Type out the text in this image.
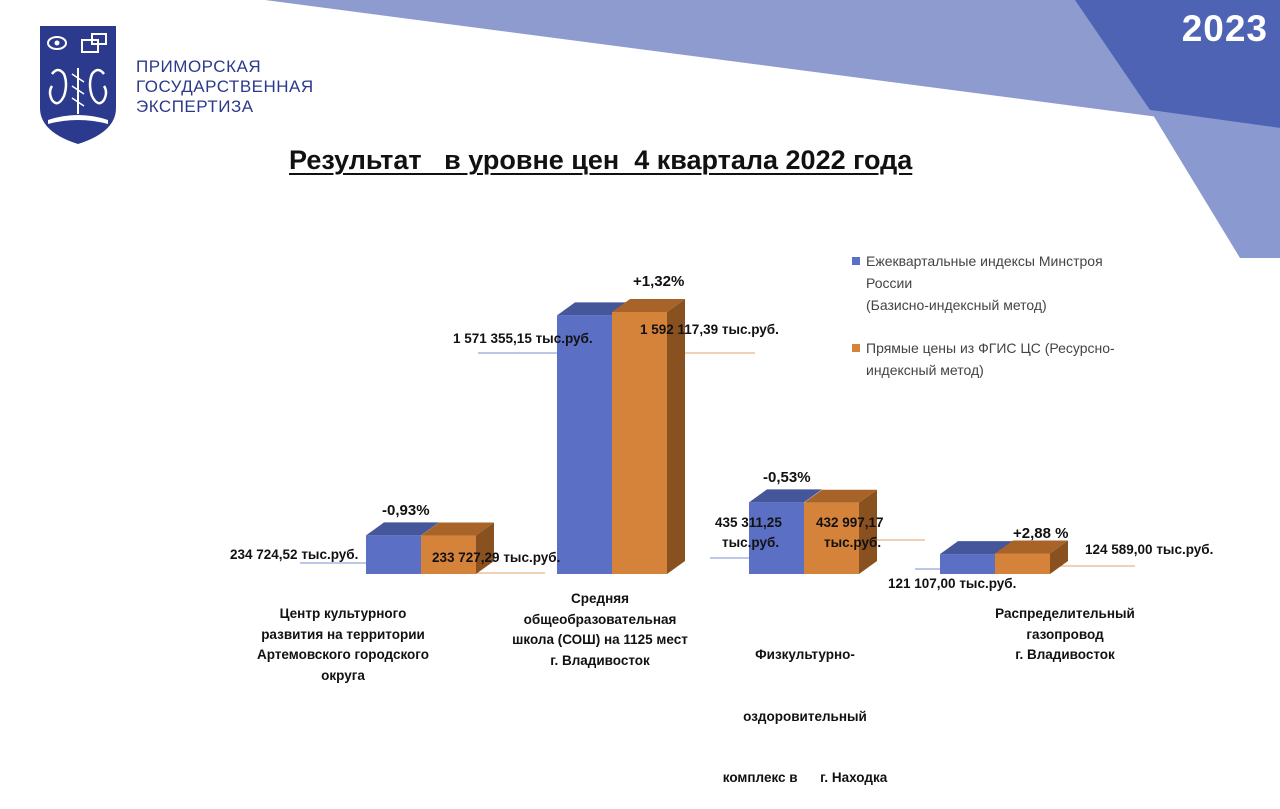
2023
ПРИМОРСКАЯ
ГОСУДАРСТВЕННАЯ
ЭКСПЕРТИЗА
Результат   в уровне цен  4 квартала 2022 года
Ежеквартальные индексы Минстроя России
(Базисно-индексный метод)
Прямые цены из ФГИС ЦС (Ресурсно-
индексный метод)
-0,93%
+1,32%
-0,53%
+2,88 %
234 724,52 тыс.руб.	233 727,29 тыс.руб.
1 571 355,15 тыс.руб.
1 592 117,39 тыс.руб.
435 311,25
тыс.руб.
432 997,17
тыс.руб.
121 107,00 тыс.руб.
124 589,00 тыс.руб.
Центр культурного
развития на территории
Артемовского городского
округа
Средняя
общеобразовательная
школа (СОШ) на 1125 мест
г. Владивосток

	Физкультурно-

оздоровительный

комплекс в      г. Находка

Распределительный
газопровод
г. Владивосток
